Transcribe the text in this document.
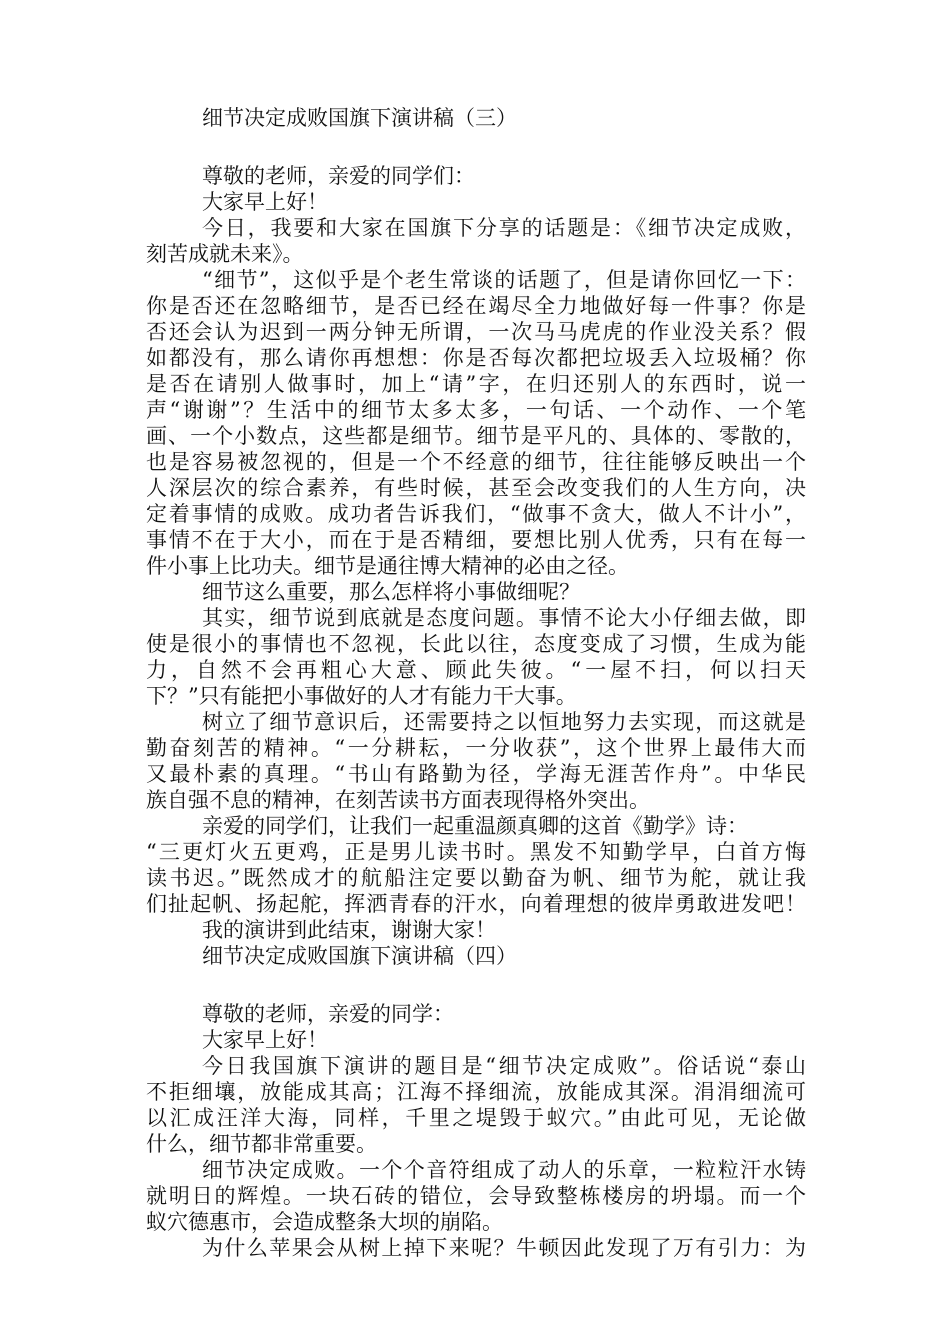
细节决定成败国旗下演讲稿（三）
尊敬的老师，亲爱的同学们：
大家早上好！
今日，我要和大家在国旗下分享的话题是：《细节决定成败，
刻苦成就未来》。
“细节”，这似乎是个老生常谈的话题了，但是请你回忆一下：
你是否还在忽略细节，是否已经在竭尽全力地做好每一件事？你是
否还会认为迟到一两分钟无所谓，一次马马虎虎的作业没关系？假
如都没有，那么请你再想想：你是否每次都把垃圾丢入垃圾桶？你
是否在请别人做事时，加上“请”字，在归还别人的东西时，说一
声“谢谢”？生活中的细节太多太多，一句话、一个动作、一个笔
画、一个小数点，这些都是细节。细节是平凡的、具体的、零散的，
也是容易被忽视的，但是一个不经意的细节，往往能够反映出一个
人深层次的综合素养，有些时候，甚至会改变我们的人生方向，决
定着事情的成败。成功者告诉我们，“做事不贪大，做人不计小”，
事情不在于大小，而在于是否精细，要想比别人优秀，只有在每一
件小事上比功夫。细节是通往博大精神的必由之径。
细节这么重要，那么怎样将小事做细呢？
其实，细节说到底就是态度问题。事情不论大小仔细去做，即
使是很小的事情也不忽视，长此以往，态度变成了习惯，生成为能
力，自然不会再粗心大意、顾此失彼。“一屋不扫，何以扫天
下？”只有能把小事做好的人才有能力干大事。
树立了细节意识后，还需要持之以恒地努力去实现，而这就是
勤奋刻苦的精神。“一分耕耘，一分收获”，这个世界上最伟大而
又最朴素的真理。“书山有路勤为径，学海无涯苦作舟”。中华民
族自强不息的精神，在刻苦读书方面表现得格外突出。
亲爱的同学们，让我们一起重温颜真卿的这首《勤学》诗：
“三更灯火五更鸡，正是男儿读书时。黑发不知勤学早，白首方悔
读书迟。”既然成才的航船注定要以勤奋为帆、细节为舵，就让我
们扯起帆、扬起舵，挥洒青春的汗水，向着理想的彼岸勇敢进发吧！
我的演讲到此结束，谢谢大家！
细节决定成败国旗下演讲稿（四）
尊敬的老师，亲爱的同学：
大家早上好！
今日我国旗下演讲的题目是“细节决定成败”。俗话说“泰山
不拒细壤，放能成其高；江海不择细流，放能成其深。涓涓细流可
以汇成汪洋大海，同样，千里之堤毁于蚁穴。”由此可见，无论做
什么，细节都非常重要。
细节决定成败。一个个音符组成了动人的乐章，一粒粒汗水铸
就明日的辉煌。一块石砖的错位，会导致整栋楼房的坍塌。而一个
蚁穴德惠市，会造成整条大坝的崩陷。
为什么苹果会从树上掉下来呢？牛顿因此发现了万有引力：为
